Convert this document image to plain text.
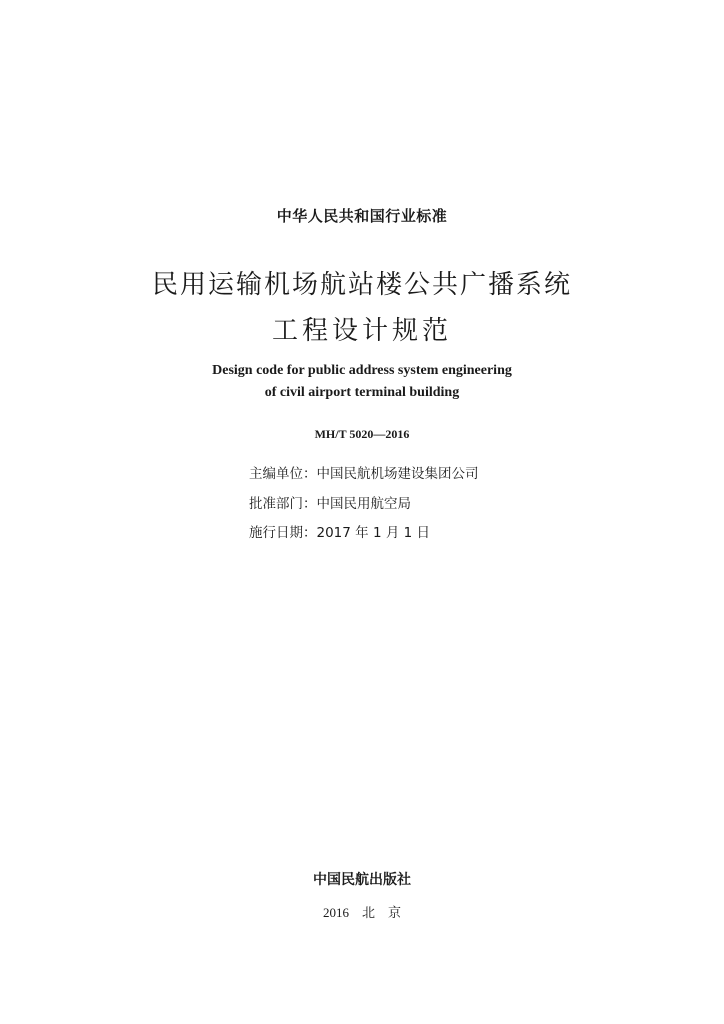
中华人民共和国行业标准
民用运输机场航站楼公共广播系统
工程设计规范
Design code for public address system engineering
of civil airport terminal building
MH/T 5020—2016
主编单位：中国民航机场建设集团公司
批准部门：中国民用航空局
施行日期：2017 年 1 月 1 日
中国民航出版社
2016　北　京
